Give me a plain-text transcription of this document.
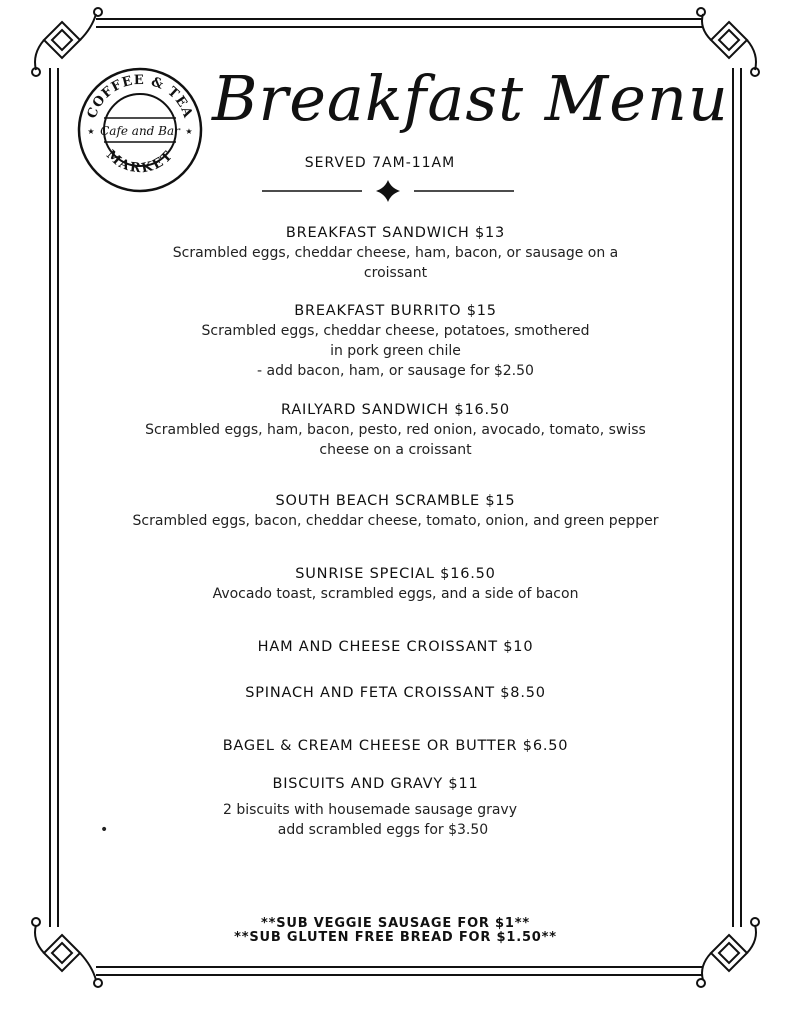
COFFEE & TEA
MARKET
Cafe and Bar
★	★ Breakfast Menu
SERVED 7AM-11AM
BREAKFAST SANDWICH $13
Scrambled eggs, cheddar cheese, ham, bacon, or sausage on a
croissant
BREAKFAST BURRITO $15
Scrambled eggs, cheddar cheese, potatoes, smothered
in pork green chile
- add bacon, ham, or sausage for $2.50
RAILYARD SANDWICH $16.50
Scrambled eggs, ham, bacon, pesto, red onion, avocado, tomato, swiss
cheese on a croissant
SOUTH BEACH SCRAMBLE $15
Scrambled eggs, bacon, cheddar cheese, tomato, onion, and green pepper
SUNRISE SPECIAL $16.50
Avocado toast, scrambled eggs, and a side of bacon
HAM AND CHEESE CROISSANT $10
SPINACH AND FETA CROISSANT $8.50
BAGEL & CREAM CHEESE OR BUTTER $6.50
BISCUITS AND GRAVY $11
2 biscuits with housemade sausage gravy
add scrambled eggs for $3.50
•
**SUB VEGGIE SAUSAGE FOR $1**
**SUB GLUTEN FREE BREAD FOR $1.50**
